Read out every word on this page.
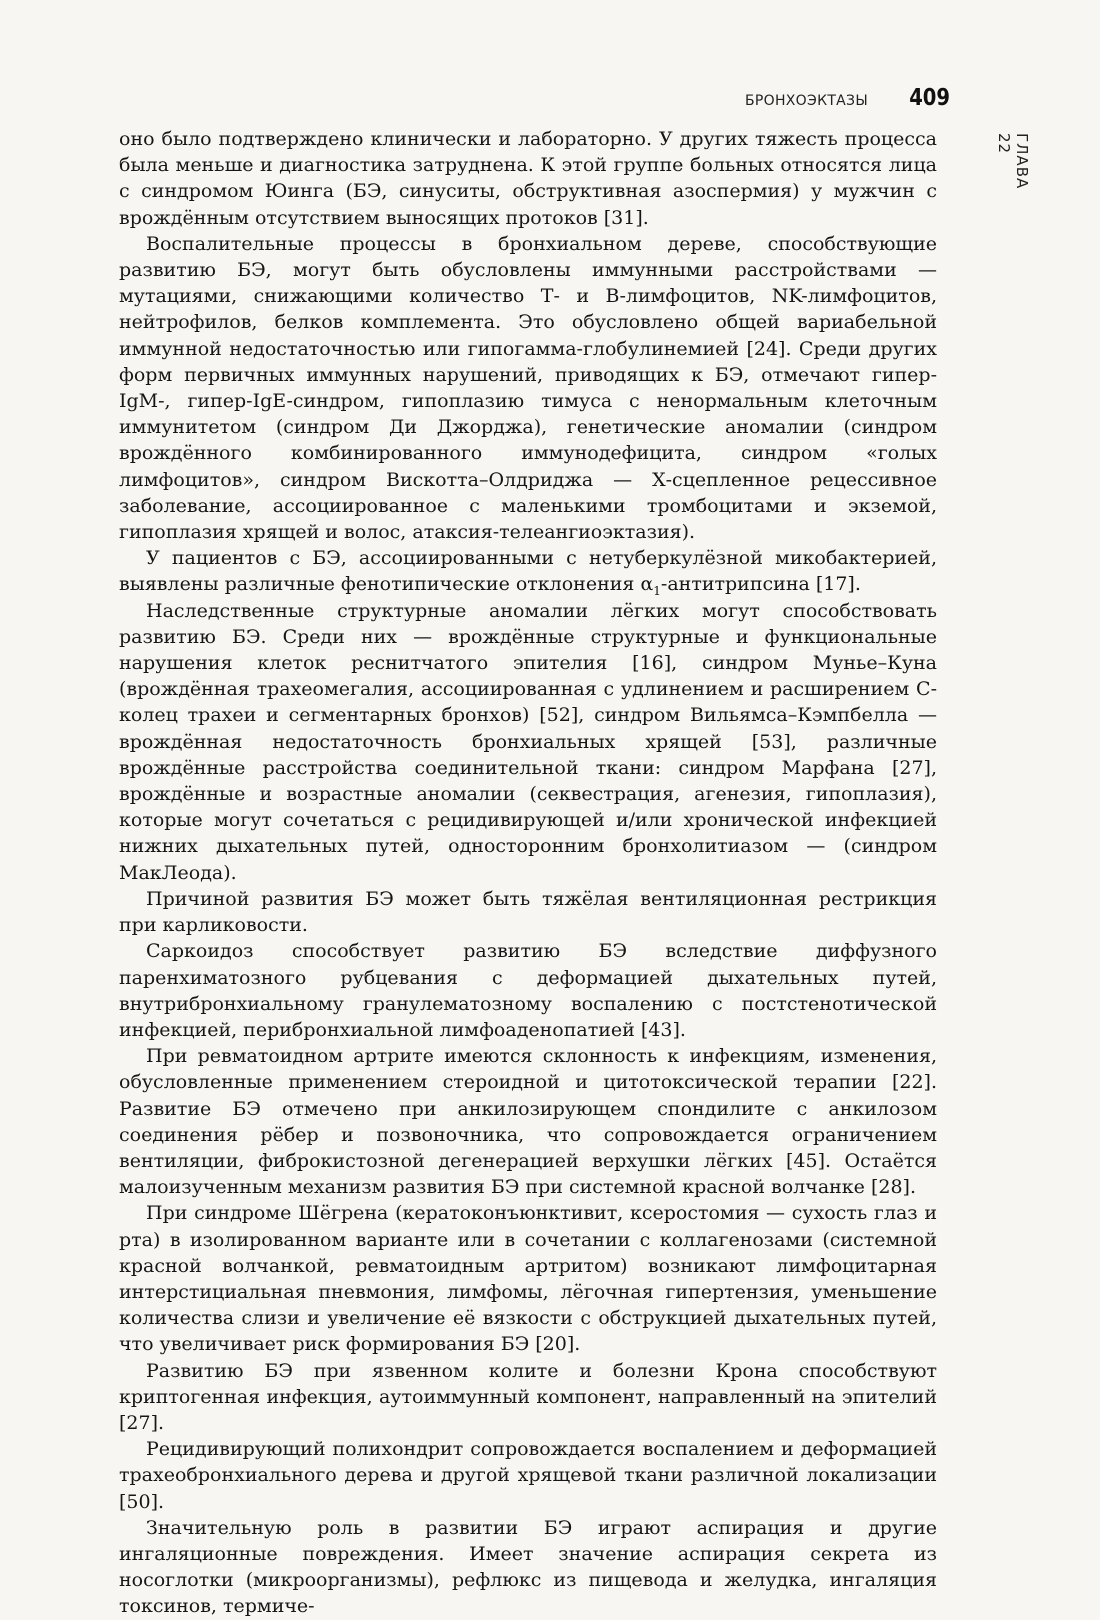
БРОНХОЭКТАЗЫ 409
ГЛАВА 22

оно было подтверждено клинически и лабораторно. У других тяжесть процесса была меньше и диагностика затруднена. К этой группе больных относятся лица с синдромом Юинга (БЭ, синуситы, обструктивная азоспермия) у мужчин с врождённым отсутствием выносящих протоков [31].

Воспалительные процессы в бронхиальном дереве, способствующие развитию БЭ, могут быть обусловлены иммунными расстройствами — мутациями, снижающими количество Т- и В-лимфоцитов, NK-лимфоцитов, нейтрофилов, белков комплемента. Это обусловлено общей вариабельной иммунной недостаточностью или гипогамма-глобулинемией [24]. Среди других форм первичных иммунных нарушений, приводящих к БЭ, отмечают гипер-IgM-, гипер-IgE-синдром, гипоплазию тимуса с ненормальным клеточным иммунитетом (синдром Ди Джорджа), генетические аномалии (синдром врождённого комбинированного иммунодефицита, синдром «голых лимфоцитов», синдром Вискотта–Олдриджа — Х-сцепленное рецессивное заболевание, ассоциированное с маленькими тромбоцитами и экземой, гипоплазия хрящей и волос, атаксия-телеангиоэктазия).

У пациентов с БЭ, ассоциированными с нетуберкулёзной микобактерией, выявлены различные фенотипические отклонения $\alpha_1$-антитрипсина [17].

Наследственные структурные аномалии лёгких могут способствовать развитию БЭ. Среди них — врождённые структурные и функциональные нарушения клеток реснитчатого эпителия [16], синдром Мунье–Куна (врождённая трахеомегалия, ассоциированная с удлинением и расширением С-колец трахеи и сегментарных бронхов) [52], синдром Вильямса–Кэмпбелла — врождённая недостаточность бронхиальных хрящей [53], различные врождённые расстройства соединительной ткани: синдром Марфана [27], врождённые и возрастные аномалии (секвестрация, агенезия, гипоплазия), которые могут сочетаться с рецидивирующей и/или хронической инфекцией нижних дыхательных путей, односторонним бронхолитиазом — (синдром МакЛеода).

Причиной развития БЭ может быть тяжёлая вентиляционная рестрикция при карликовости.

Саркоидоз способствует развитию БЭ вследствие диффузного паренхиматозного рубцевания с деформацией дыхательных путей, внутрибронхиальному гранулематозному воспалению с постстенотической инфекцией, перибронхиальной лимфоаденопатией [43].

При ревматоидном артрите имеются склонность к инфекциям, изменения, обусловленные применением стероидной и цитотоксической терапии [22]. Развитие БЭ отмечено при анкилозирующем спондилите с анкилозом соединения рёбер и позвоночника, что сопровождается ограничением вентиляции, фиброкистозной дегенерацией верхушки лёгких [45]. Остаётся малоизученным механизм развития БЭ при системной красной волчанке [28].

При синдроме Шёгрена (кератоконъюнктивит, ксеростомия — сухость глаз и рта) в изолированном варианте или в сочетании с коллагенозами (системной красной волчанкой, ревматоидным артритом) возникают лимфоцитарная интерстициальная пневмония, лимфомы, лёгочная гипертензия, уменьшение количества слизи и увеличение её вязкости с обструкцией дыхательных путей, что увеличивает риск формирования БЭ [20].

Развитию БЭ при язвенном колите и болезни Крона способствуют криптогенная инфекция, аутоиммунный компонент, направленный на эпителий [27].

Рецидивирующий полихондрит сопровождается воспалением и деформацией трахеобронхиального дерева и другой хрящевой ткани различной локализации [50].

Значительную роль в развитии БЭ играют аспирация и другие ингаляционные повреждения. Имеет значение аспирация секрета из носоглотки (микроорганизмы), рефлюкс из пищевода и желудка, ингаляция токсинов, термиче-
